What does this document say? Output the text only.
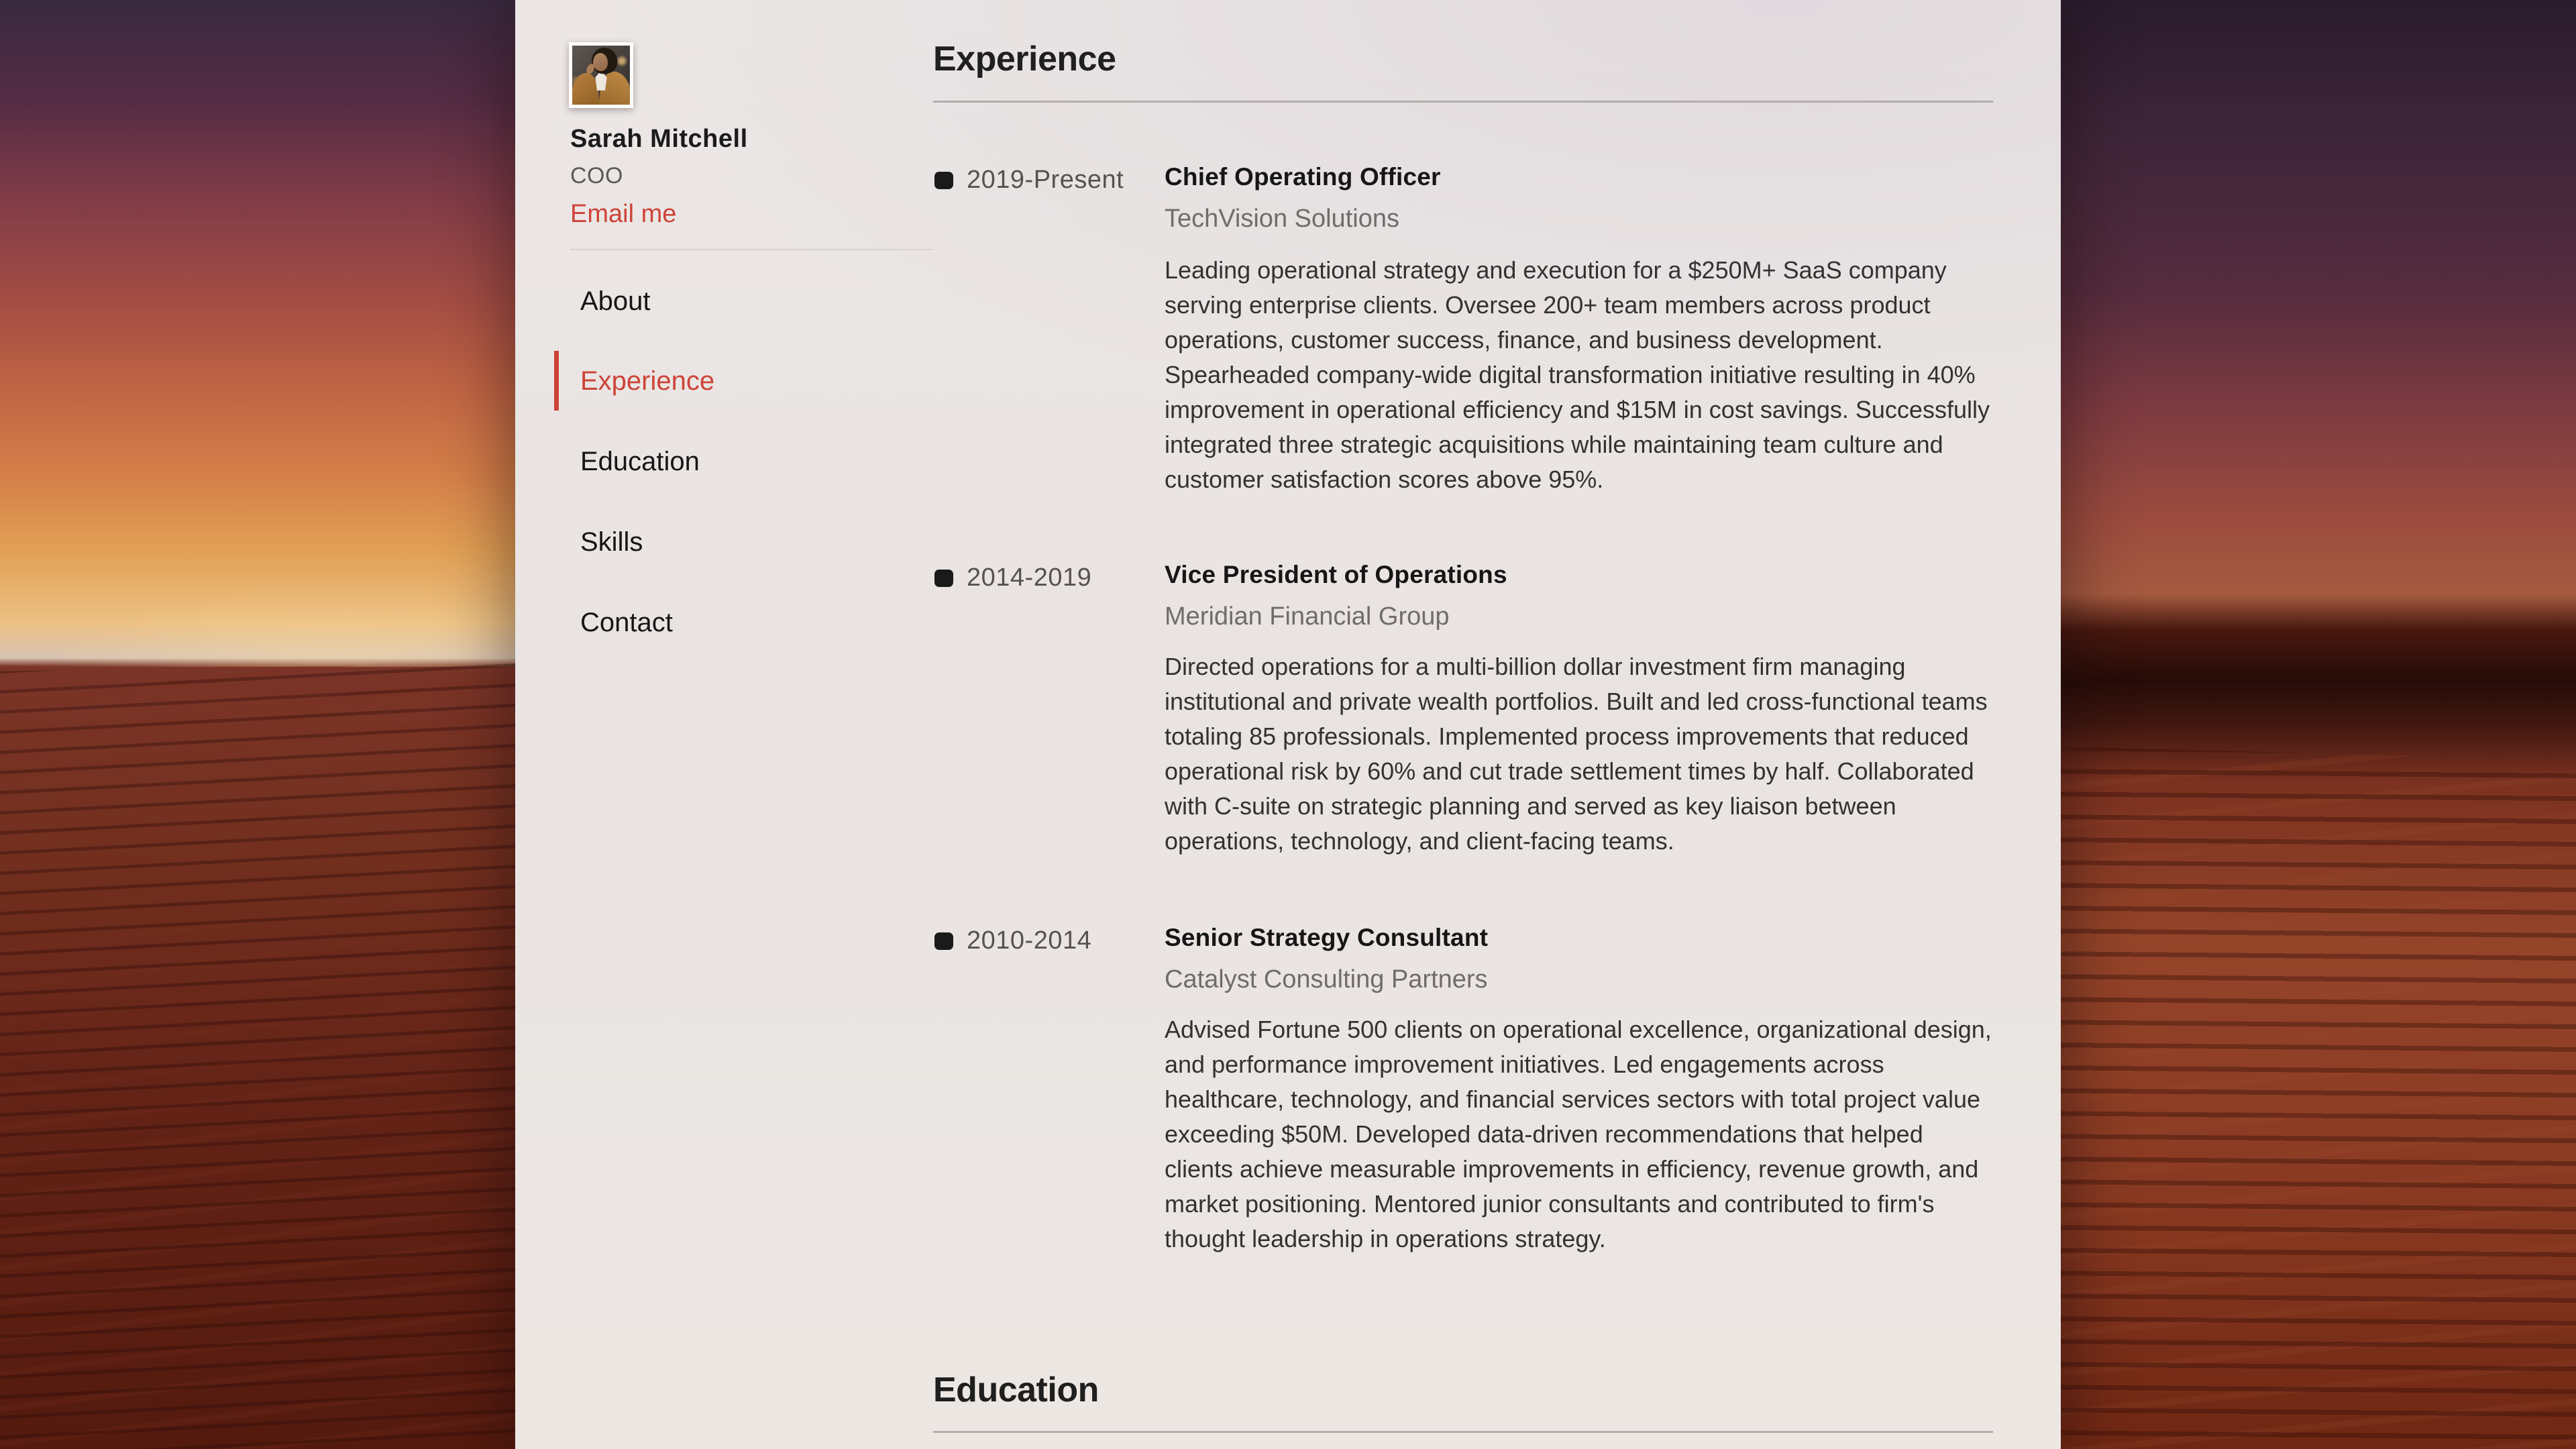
Sarah Mitchell
COO
Email me
About
Experience
Education
Skills
Contact
Experience
2019-Present Chief Operating Officer
TechVision Solutions
Leading operational strategy and execution for a $250M+ SaaS company serving enterprise clients. Oversee 200+ team members across product operations, customer success, finance, and business development. Spearheaded company-wide digital transformation initiative resulting in 40% improvement in operational efficiency and $15M in cost savings. Successfully integrated three strategic acquisitions while maintaining team culture and customer satisfaction scores above 95%.
2014-2019	Vice President of Operations
Meridian Financial Group
Directed operations for a multi-billion dollar investment firm managing institutional and private wealth portfolios. Built and led cross-functional teams totaling 85 professionals. Implemented process improvements that reduced operational risk by 60% and cut trade settlement times by half. Collaborated with C-suite on strategic planning and served as key liaison between operations, technology, and client-facing teams.
2010-2014	Senior Strategy Consultant
Catalyst Consulting Partners
Advised Fortune 500 clients on operational excellence, organizational design, and performance improvement initiatives. Led engagements across healthcare, technology, and financial services sectors with total project value exceeding $50M. Developed data-driven recommendations that helped clients achieve measurable improvements in efficiency, revenue growth, and market positioning. Mentored junior consultants and contributed to firm's thought leadership in operations strategy.
Education
